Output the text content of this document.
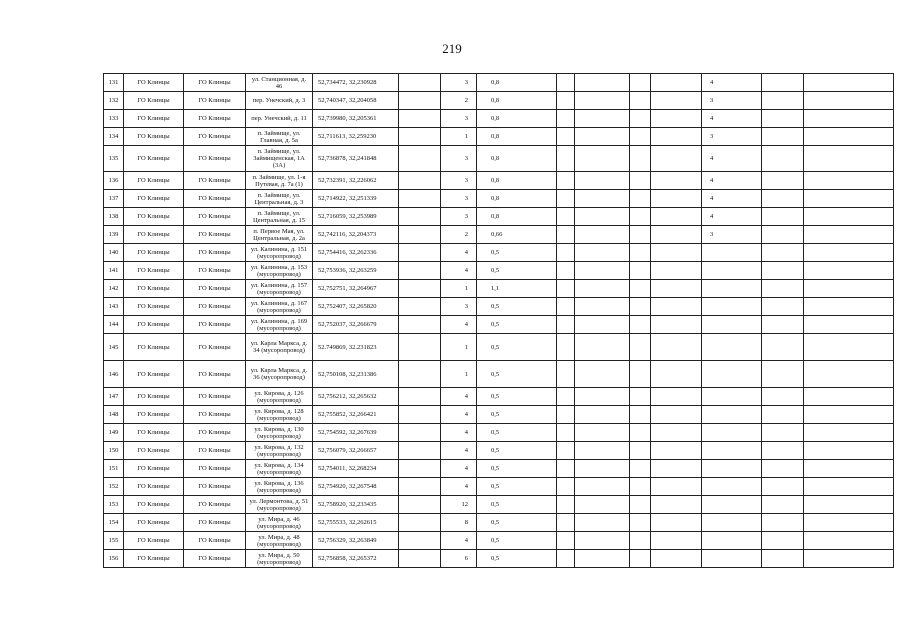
219
131	ГО Клинцы	ГО Клинцы	ул. Станционная, д. 46	52,734472, 32,230928		3	0,8					4		
132	ГО Клинцы	ГО Клинцы	пер. Унечский, д. 3	52,740347, 32,204058		2	0,8					3		
133	ГО Клинцы	ГО Клинцы	пер. Унечский, д. 11	52,739980, 32,205361		3	0,8					4		
134	ГО Клинцы	ГО Клинцы	п. Займище, ул. Главная, д. 5а	52,711613, 32,259230		1	0,8					3		
135	ГО Клинцы	ГО Клинцы	п. Займище, ул. Займищенская, 1А (3А)	52,736878, 32,241848		3	0,8					4		
136	ГО Клинцы	ГО Клинцы	п. Займище, ул. 1-я Путевая, д. 7а (1)	52,732391, 32,226062		3	0,8					4		
137	ГО Клинцы	ГО Клинцы	п. Займище, ул. Центральная, д. 3	52,714922, 32,251339		3	0,8					4		
138	ГО Клинцы	ГО Клинцы	п. Займище, ул. Центральная, д. 15	52,716059, 32,253989		3	0,8					4		
139	ГО Клинцы	ГО Клинцы	п. Первое Мая, ул. Центральная, д. 2а	52,742116, 32,204373		2	0,66					3		
140	ГО Клинцы	ГО Клинцы	ул. Калинина, д. 151 (мусоропровод)	52,754416, 32,262336		4	0,5							
141	ГО Клинцы	ГО Клинцы	ул. Калинина, д. 153 (мусоропровод)	52,753936, 32,263259		4	0,5							
142	ГО Клинцы	ГО Клинцы	ул. Калинина, д. 157 (мусоропровод)	52,752751, 32,264967		1	1,1							
143	ГО Клинцы	ГО Клинцы	ул. Калинина, д. 167 (мусоропровод)	52,752407, 32,265820		3	0,5							
144	ГО Клинцы	ГО Клинцы	ул. Калинина, д. 169 (мусоропровод)	52,752037, 32,266679		4	0,5							
145	ГО Клинцы	ГО Клинцы	ул. Карла Маркса, д. 34 (мусоропровод)	52.749869, 32.231823		1	0,5							
146	ГО Клинцы	ГО Клинцы	ул. Карла Маркса, д. 36 (мусоропровод)	52,750108, 32,231386		1	0,5							
147	ГО Клинцы	ГО Клинцы	ул. Кирова, д. 126 (мусоропровод)	52,756212, 32,265632		4	0,5							
148	ГО Клинцы	ГО Клинцы	ул. Кирова, д. 128 (мусоропровод)	52,755852, 32,266421		4	0,5							
149	ГО Клинцы	ГО Клинцы	ул. Кирова, д. 130 (мусоропровод)	52,754592, 32,267639		4	0,5							
150	ГО Клинцы	ГО Клинцы	ул. Кирова, д. 132 (мусоропровод)	52,756079, 32,266657		4	0,5							
151	ГО Клинцы	ГО Клинцы	ул. Кирова, д. 134 (мусоропровод)	52,754011, 32,268234		4	0,5							
152	ГО Клинцы	ГО Клинцы	ул. Кирова, д. 136 (мусоропровод)	52,754920, 32,267548		4	0,5							
153	ГО Клинцы	ГО Клинцы	ул. Лермонтова, д. 51 (мусоропровод)	52,758920, 32,233435		12	0,5							
154	ГО Клинцы	ГО Клинцы	ул. Мира, д. 46 (мусоропровод)	52,755533, 32,262615		8	0,5							
155	ГО Клинцы	ГО Клинцы	ул. Мира, д. 48 (мусоропровод)	52,756329, 32,263849		4	0,5							
156	ГО Клинцы	ГО Клинцы	ул. Мира, д. 50 (мусоропровод)	52,756858, 32,265372		6	0,5							
